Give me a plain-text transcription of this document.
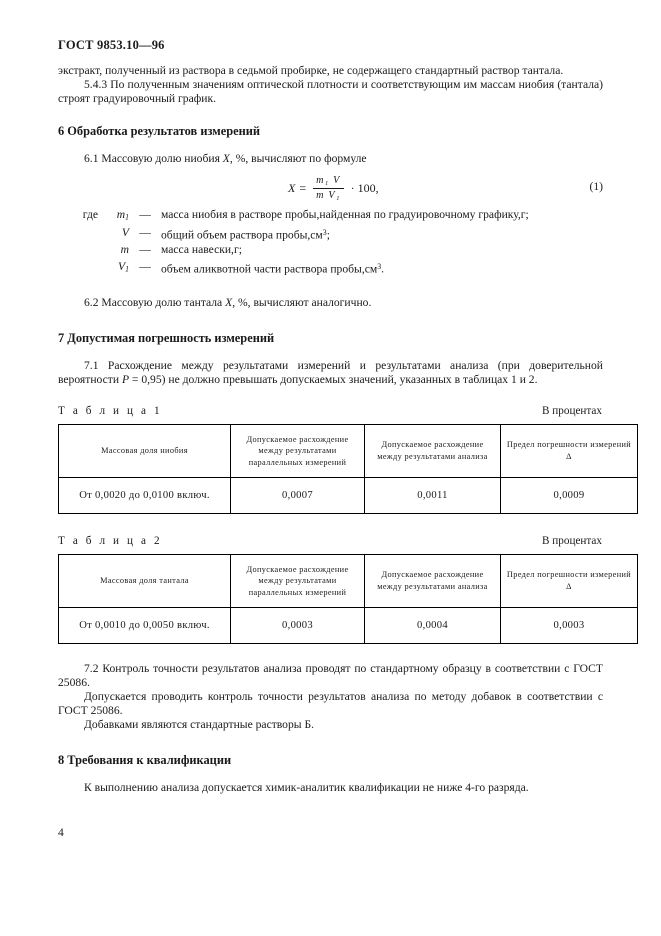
ГОСТ 9853.10—96

экстракт, полученный из раствора в седьмой пробирке, не содержащего стандартный раствор тантала.

5.4.3 По полученным значениям оптической плотности и соответствующим им массам ниобия (тантала) строят градуировочный график.

6 Обработка результатов измерений

6.1 Массовую долю ниобия X, %, вычисляют по формуле

$X = \frac{\text{m₁ V}}{\text{m V₁}} \cdot 100$,	(1)
где	$m_1$	—	масса ниобия в растворе пробы,найденная по градуировочному графику,г;
	V	—	общий объем раствора $пробы,см^3$;
	m	—	масса навески,г;
	$V_1$	—	объем аликвотной части раствора $пробы,см^3$.

6.2 Массовую долю тантала X, %, вычисляют аналогично.

7 Допустимая погрешность измерений

7.1 Расхождение между результатами измерений и результатами анализа (при доверительной вероятности P = 0,95) не должно превышать допускаемых значений, указанных в таблицах 1 и 2.

Т а б л и ц а 1	В процентах
Массовая доля ниобия	Допускаемое расхождение между результатами параллельных измерений	Допускаемое расхождение между результатами анализа	Предел погрешности измерений Δ
От 0,0020 до 0,0100 включ.	0,0007	0,0011	0,0009
Т а б л и ц а 2	В процентах
Массовая доля тантала	Допускаемое расхождение между результатами параллельных измерений	Допускаемое расхождение между результатами анализа	Предел погрешности измерений Δ
От 0,0010 до 0,0050 включ.	0,0003	0,0004	0,0003

7.2 Контроль точности результатов анализа проводят по стандартному образцу в соответствии с ГОСТ 25086.

Допускается проводить контроль точности результатов анализа по методу добавок в соответствии с ГОСТ 25086.

Добавками являются стандартные растворы Б.

8 Требования к квалификации

К выполнению анализа допускается химик-аналитик квалификации не ниже 4-го разряда.

4
